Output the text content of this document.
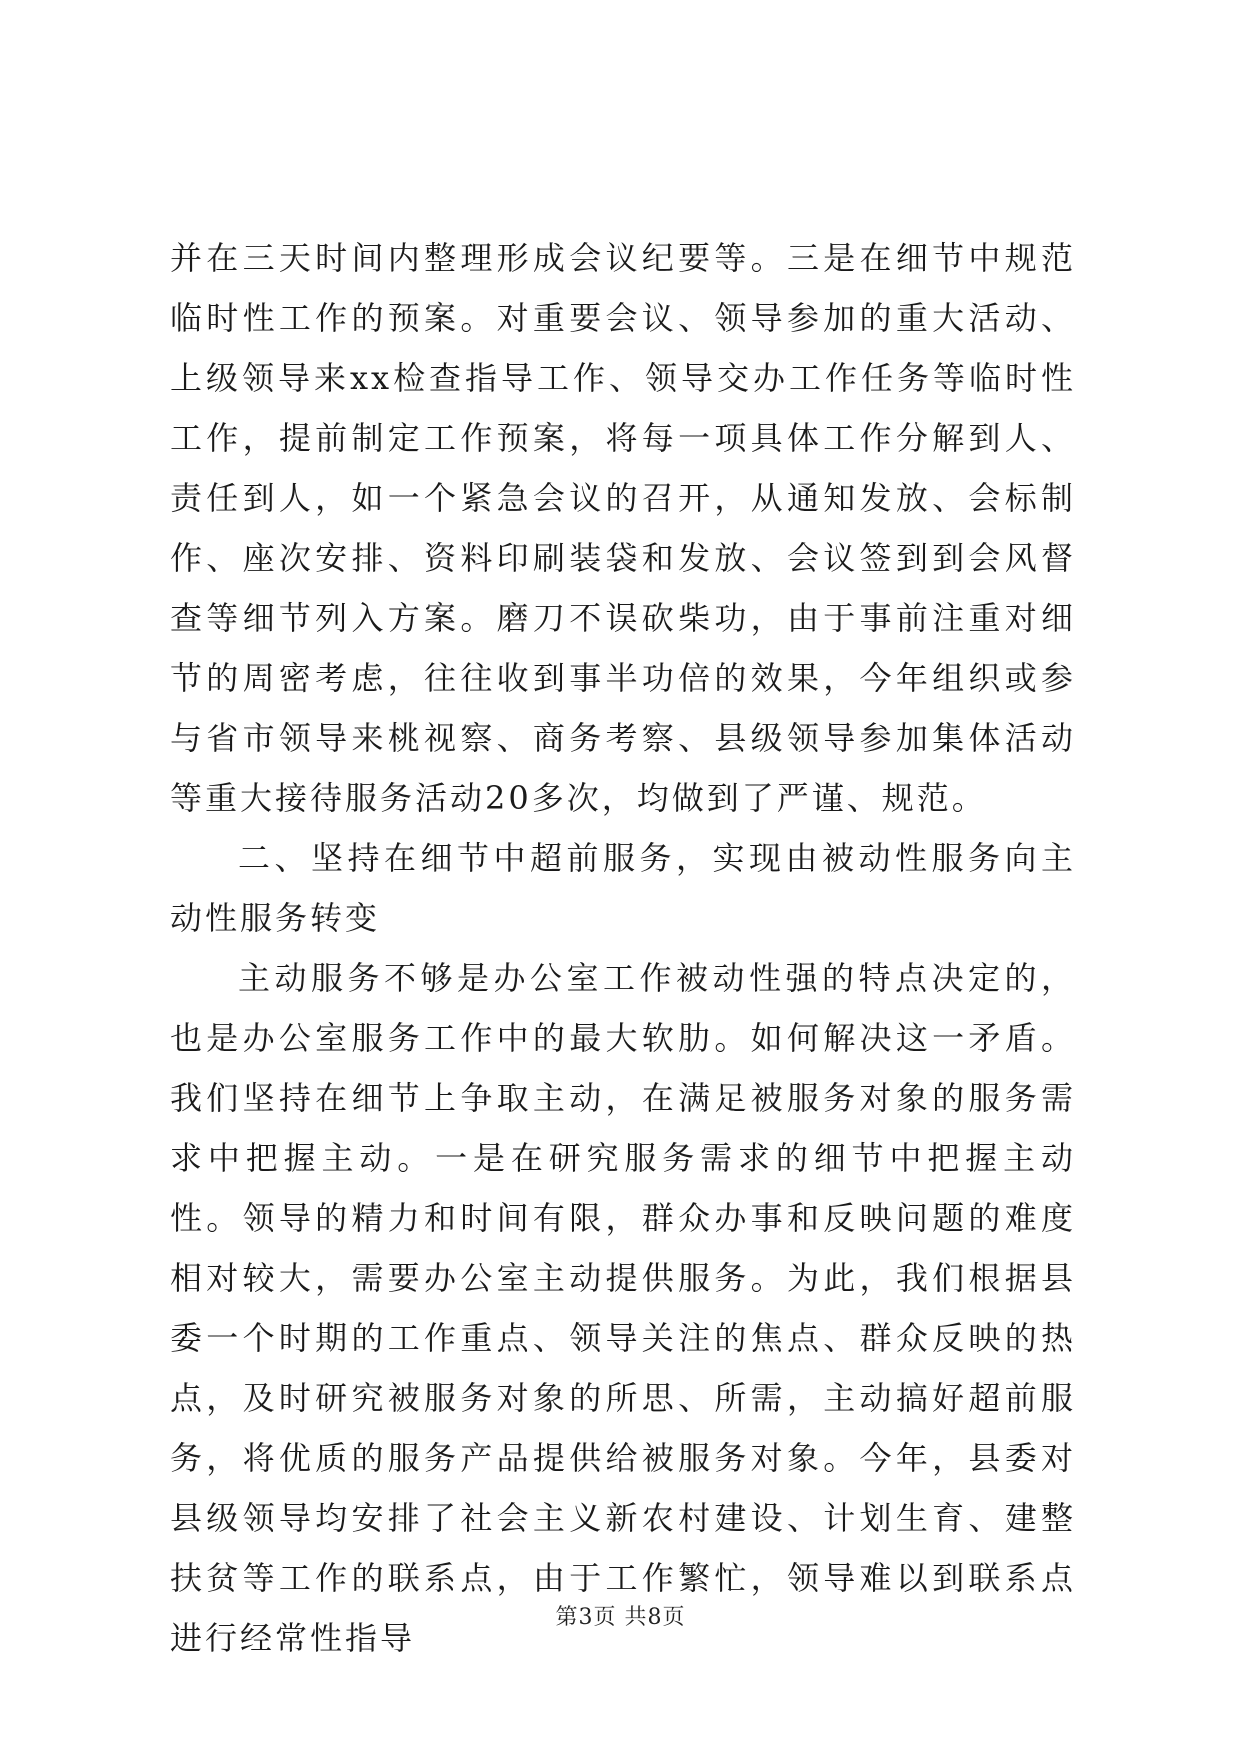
并在三天时间内整理形成会议纪要等。三是在细节中规范临时性工作的预案。对重要会议、领导参加的重大活动、上级领导来xx检查指导工作、领导交办工作任务等临时性工作，提前制定工作预案，将每一项具体工作分解到人、责任到人，如一个紧急会议的召开，从通知发放、会标制作、座次安排、资料印刷装袋和发放、会议签到到会风督查等细节列入方案。磨刀不误砍柴功，由于事前注重对细节的周密考虑，往往收到事半功倍的效果，今年组织或参与省市领导来桃视察、商务考察、县级领导参加集体活动等重大接待服务活动20多次，均做到了严谨、规范。

二、坚持在细节中超前服务，实现由被动性服务向主动性服务转变

主动服务不够是办公室工作被动性强的特点决定的，也是办公室服务工作中的最大软肋。如何解决这一矛盾。我们坚持在细节上争取主动，在满足被服务对象的服务需求中把握主动。一是在研究服务需求的细节中把握主动性。领导的精力和时间有限，群众办事和反映问题的难度相对较大，需要办公室主动提供服务。为此，我们根据县委一个时期的工作重点、领导关注的焦点、群众反映的热点，及时研究被服务对象的所思、所需，主动搞好超前服务，将优质的服务产品提供给被服务对象。今年，县委对县级领导均安排了社会主义新农村建设、计划生育、建整扶贫等工作的联系点，由于工作繁忙，领导难以到联系点进行经常性指导

第3页 共8页
